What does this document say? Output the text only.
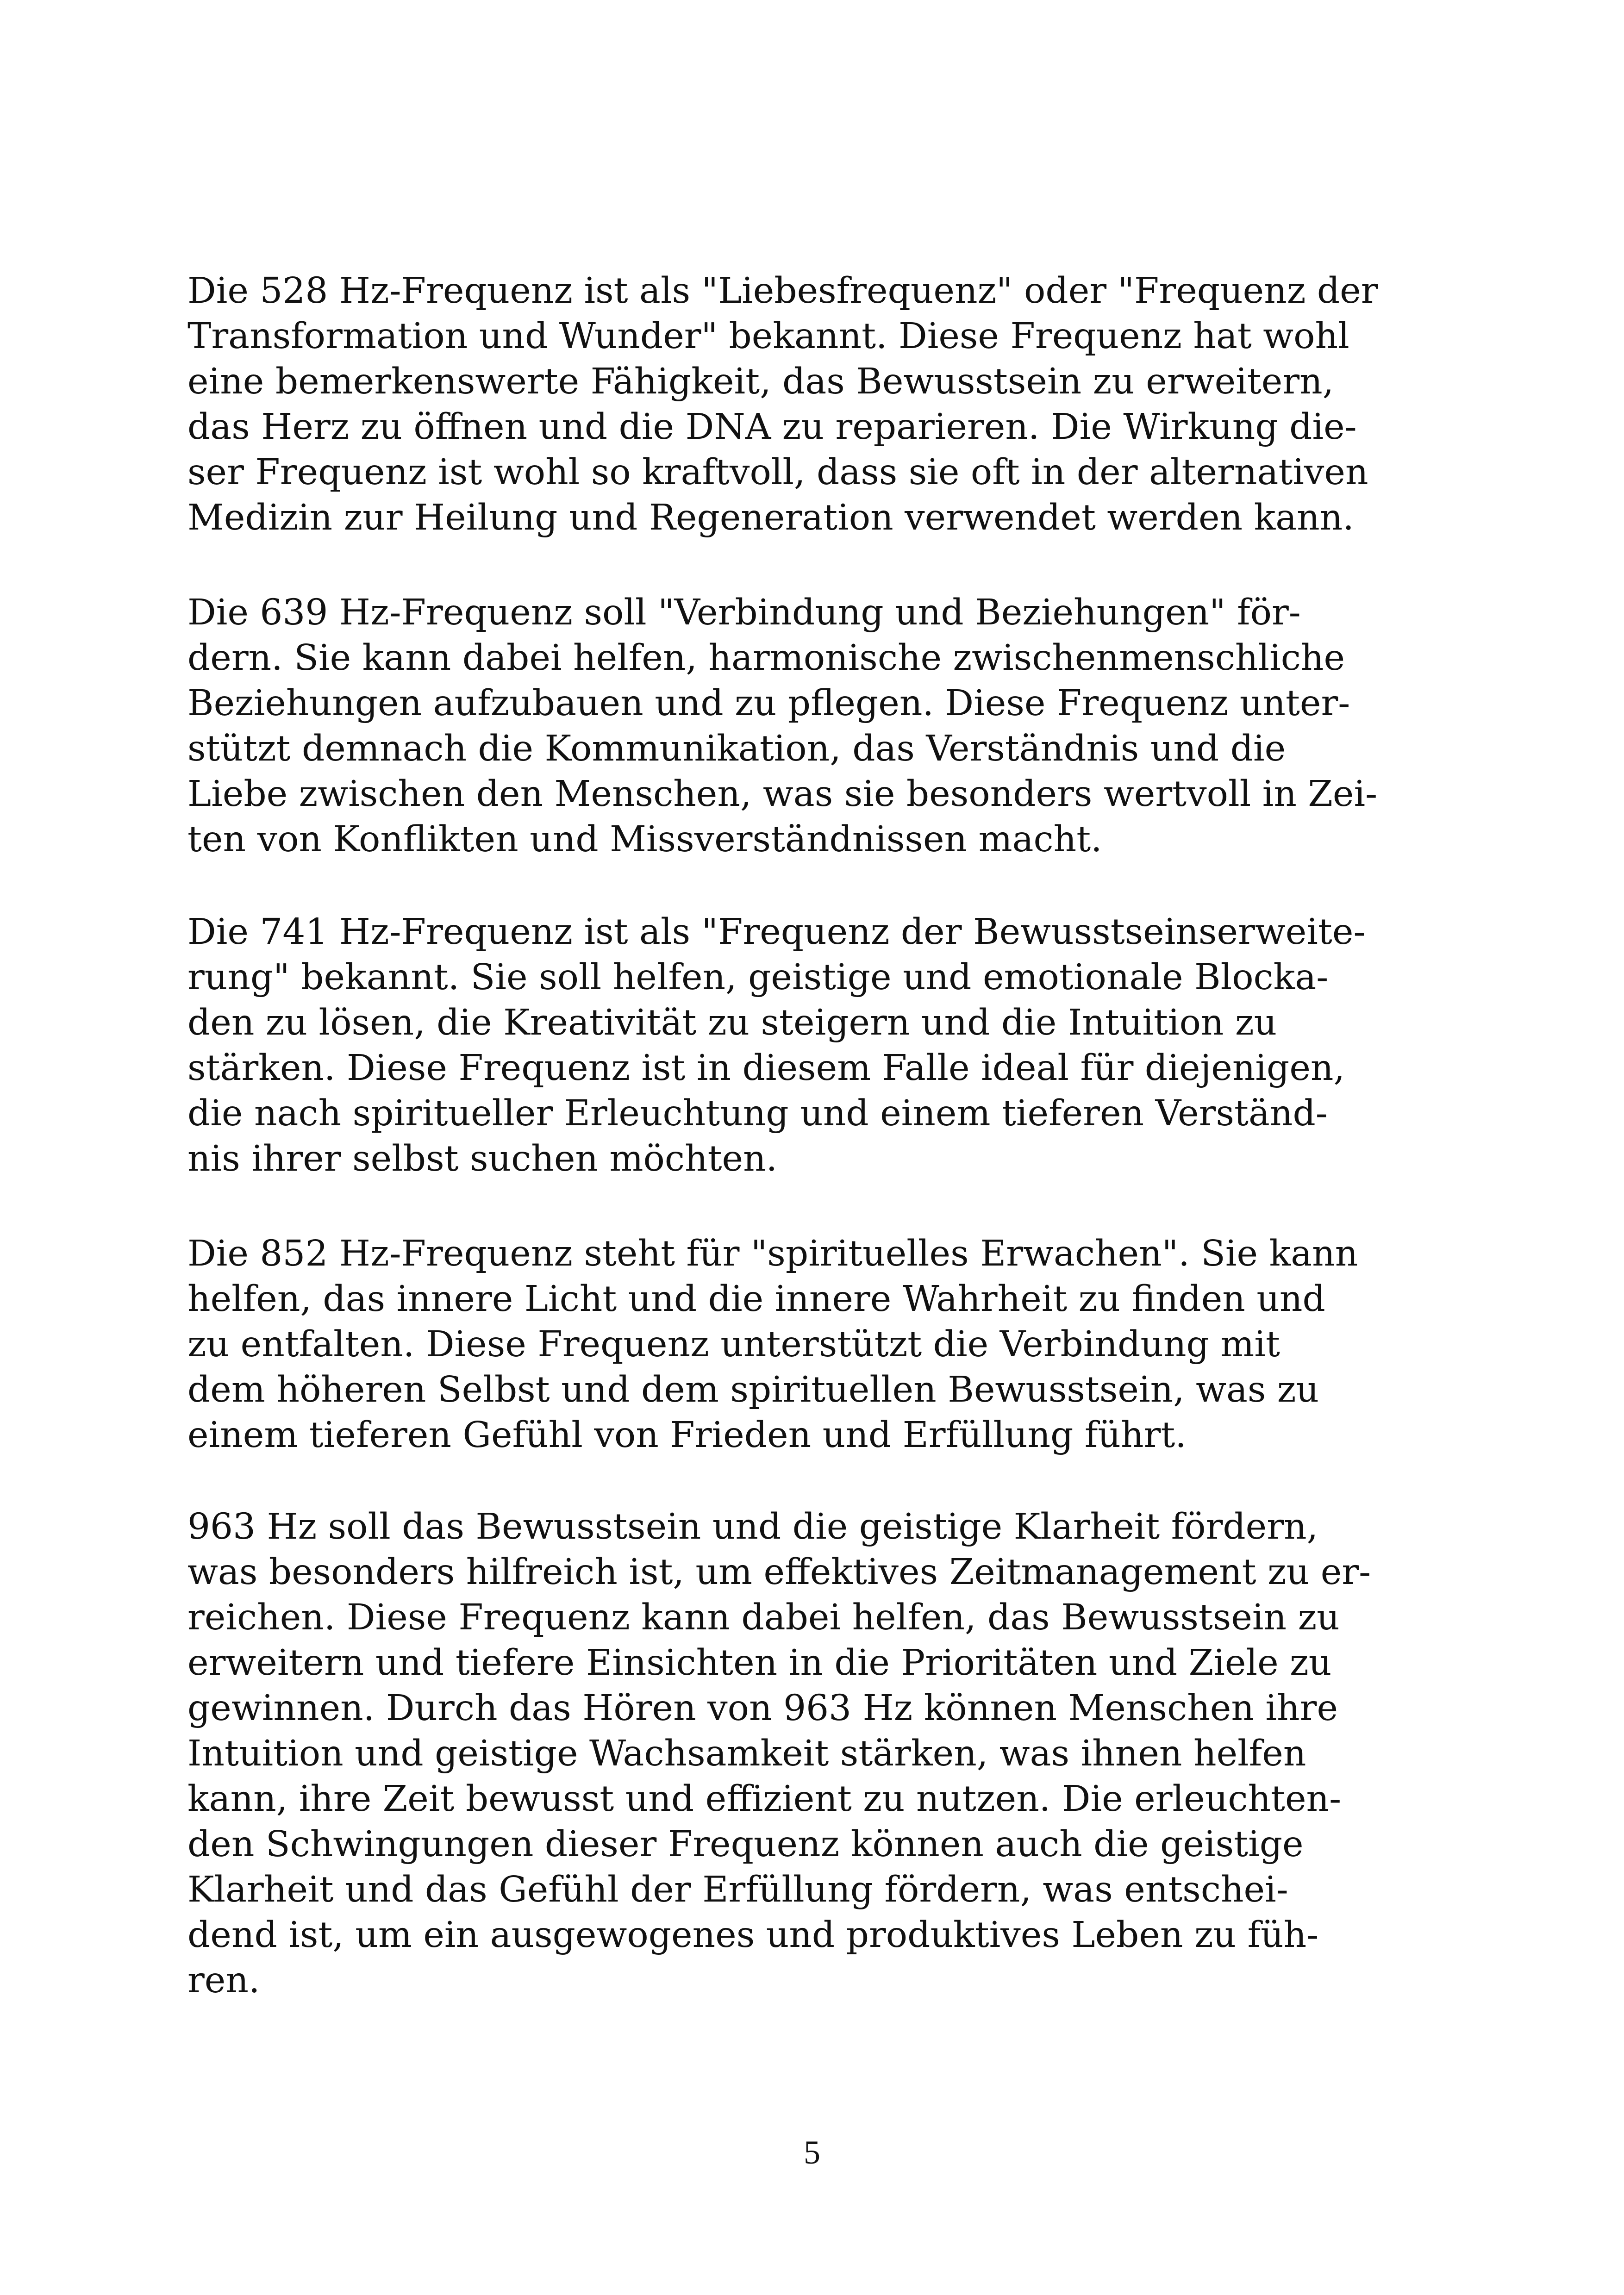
Die 528 Hz-Frequenz ist als "Liebesfrequenz" oder "Frequenz der
Transformation und Wunder" bekannt. Diese Frequenz hat wohl
eine bemerkenswerte Fähigkeit, das Bewusstsein zu erweitern,
das Herz zu öffnen und die DNA zu reparieren. Die Wirkung die-
ser Frequenz ist wohl so kraftvoll, dass sie oft in der alternativen
Medizin zur Heilung und Regeneration verwendet werden kann.

Die 639 Hz-Frequenz soll "Verbindung und Beziehungen" för-
dern. Sie kann dabei helfen, harmonische zwischenmenschliche
Beziehungen aufzubauen und zu pflegen. Diese Frequenz unter-
stützt demnach die Kommunikation, das Verständnis und die
Liebe zwischen den Menschen, was sie besonders wertvoll in Zei-
ten von Konflikten und Missverständnissen macht.

Die 741 Hz-Frequenz ist als "Frequenz der Bewusstseinserweite-
rung" bekannt. Sie soll helfen, geistige und emotionale Blocka-
den zu lösen, die Kreativität zu steigern und die Intuition zu
stärken. Diese Frequenz ist in diesem Falle ideal für diejenigen,
die nach spiritueller Erleuchtung und einem tieferen Verständ-
nis ihrer selbst suchen möchten.

Die 852 Hz-Frequenz steht für "spirituelles Erwachen". Sie kann
helfen, das innere Licht und die innere Wahrheit zu finden und
zu entfalten. Diese Frequenz unterstützt die Verbindung mit
dem höheren Selbst und dem spirituellen Bewusstsein, was zu
einem tieferen Gefühl von Frieden und Erfüllung führt.

963 Hz soll das Bewusstsein und die geistige Klarheit fördern,
was besonders hilfreich ist, um effektives Zeitmanagement zu er-
reichen. Diese Frequenz kann dabei helfen, das Bewusstsein zu
erweitern und tiefere Einsichten in die Prioritäten und Ziele zu
gewinnen. Durch das Hören von 963 Hz können Menschen ihre
Intuition und geistige Wachsamkeit stärken, was ihnen helfen
kann, ihre Zeit bewusst und effizient zu nutzen. Die erleuchten-
den Schwingungen dieser Frequenz können auch die geistige
Klarheit und das Gefühl der Erfüllung fördern, was entschei-
dend ist, um ein ausgewogenes und produktives Leben zu füh-
ren.

5
